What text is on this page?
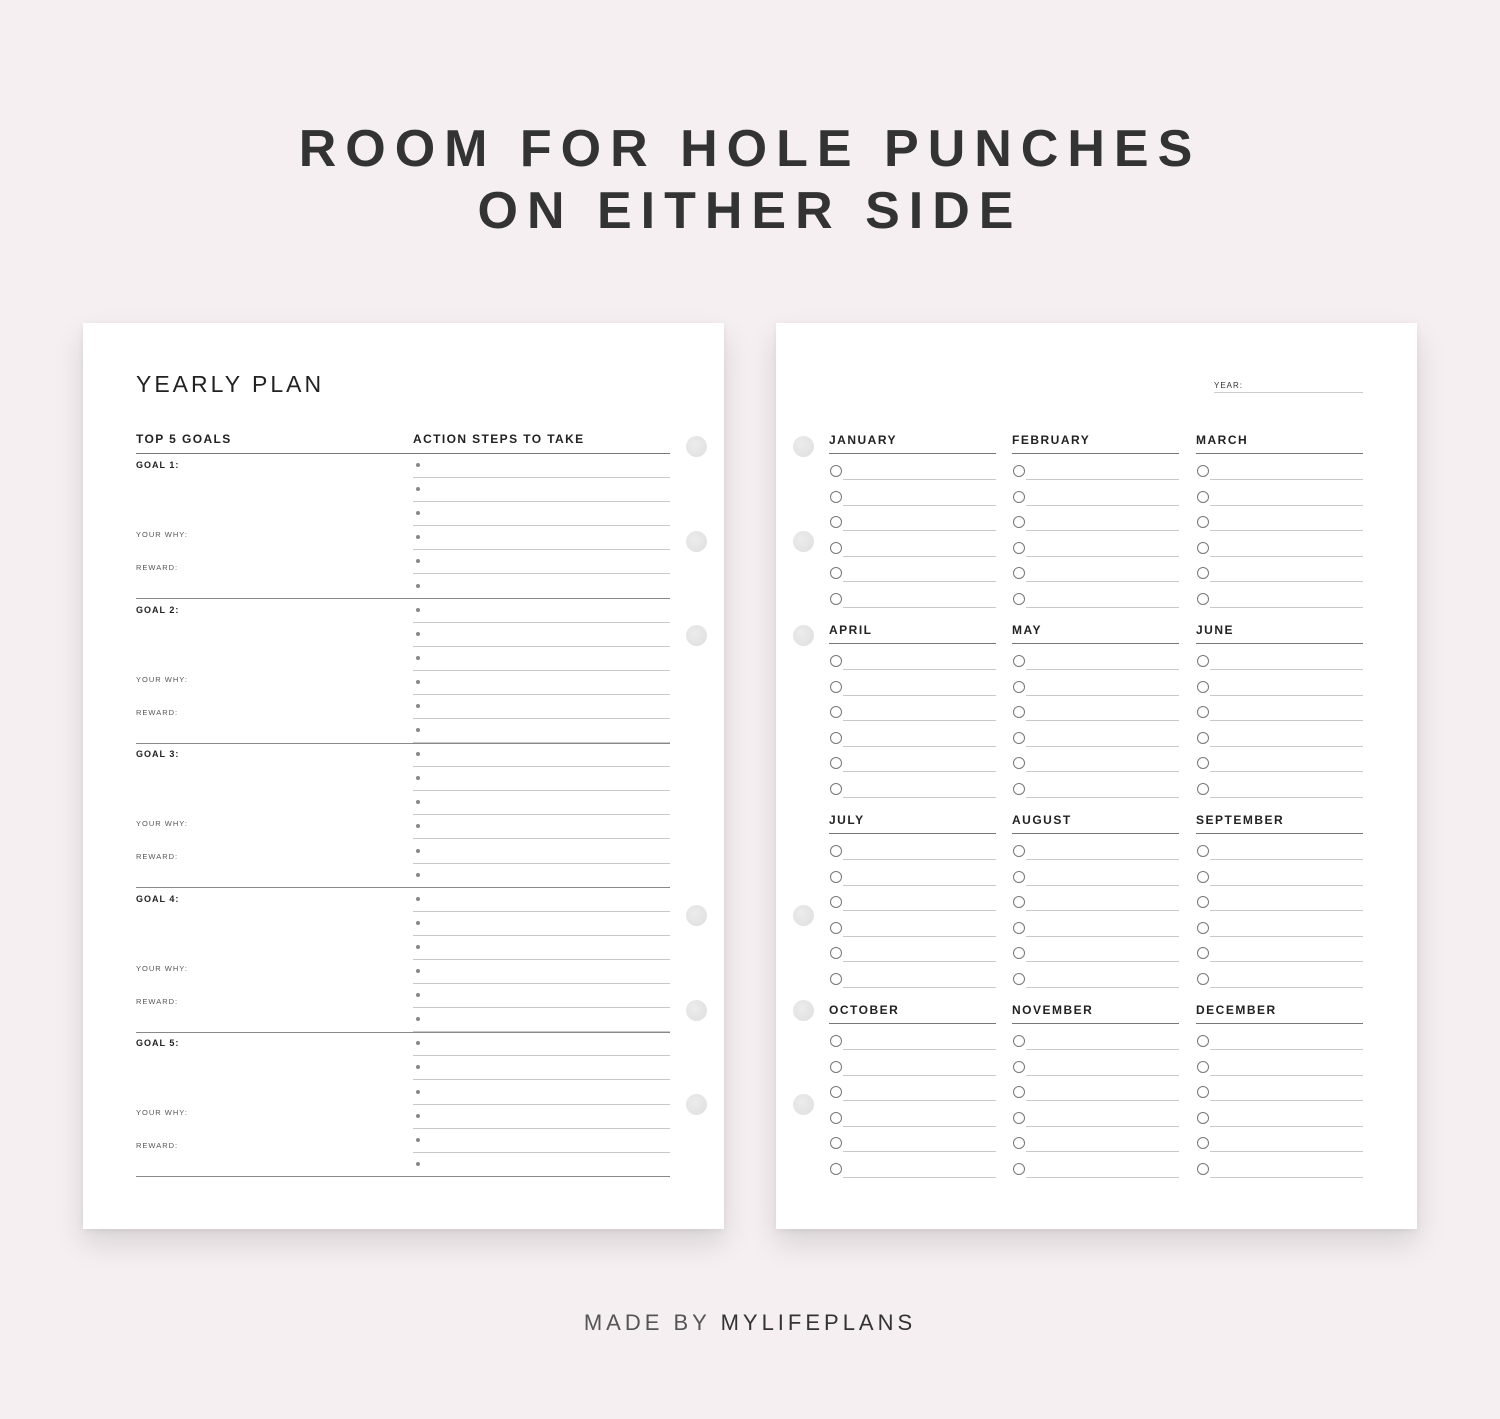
ROOM FOR HOLE PUNCHES
ON EITHER SIDE
YEARLY PLAN
TOP 5 GOALS	ACTION STEPS TO TAKE
GOAL 1:
YOUR WHY:
REWARD:
GOAL 2:
YOUR WHY:
REWARD:
GOAL 3:
YOUR WHY:
REWARD:
GOAL 4:
YOUR WHY:
REWARD:
GOAL 5:
YOUR WHY:
REWARD:
YEAR:
JANUARY	FEBRUARY	MARCH
APRIL	MAY	JUNE
JULY	AUGUST	SEPTEMBER
OCTOBER	NOVEMBER	DECEMBER
MADE BY MYLIFEPLANS
